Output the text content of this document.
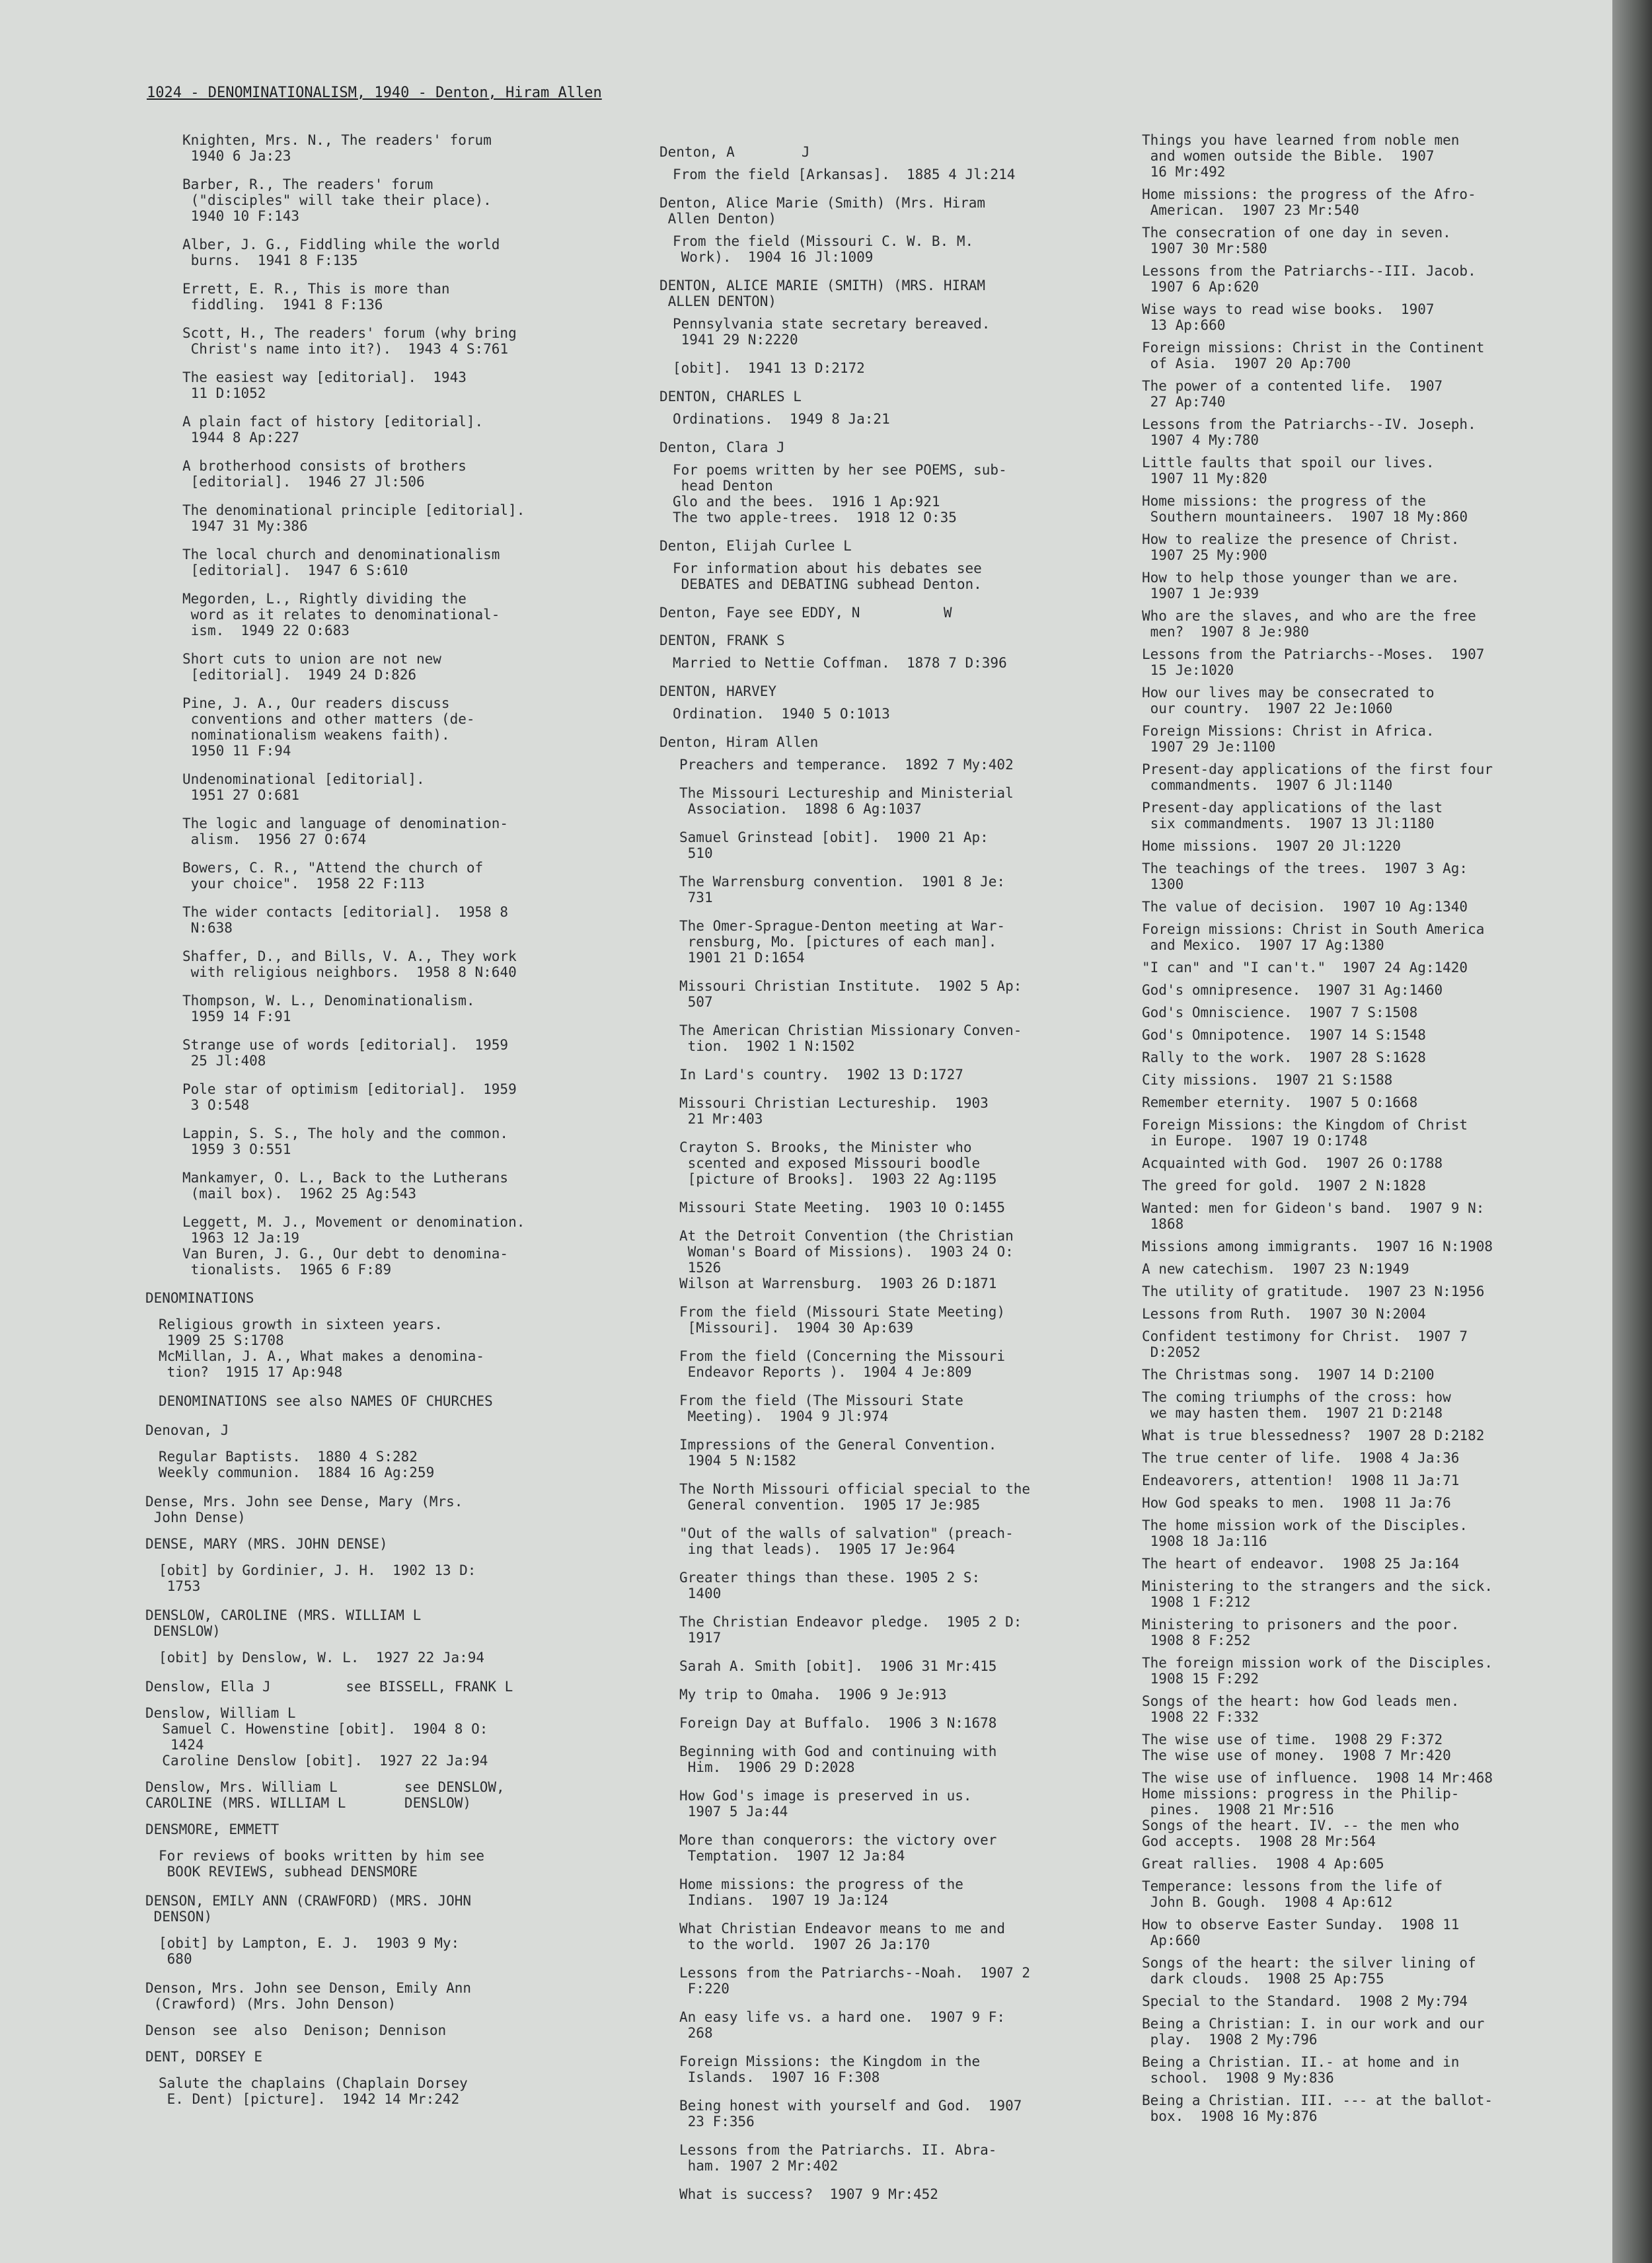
1024 - DENOMINATIONALISM, 1940 - Denton, Hiram Allen
Knighten, Mrs. N., The readers' forum
1940 6 Ja:23
Barber, R., The readers' forum
("disciples" will take their place).
1940 10 F:143
Alber, J. G., Fiddling while the world
burns.  1941 8 F:135
Errett, E. R., This is more than
fiddling.  1941 8 F:136
Scott, H., The readers' forum (why bring
Christ's name into it?).  1943 4 S:761
The easiest way [editorial].  1943
11 D:1052
A plain fact of history [editorial].
1944 8 Ap:227
A brotherhood consists of brothers
[editorial].  1946 27 Jl:506
The denominational principle [editorial].
1947 31 My:386
The local church and denominationalism
[editorial].  1947 6 S:610
Megorden, L., Rightly dividing the
word as it relates to denominational-
ism.  1949 22 O:683
Short cuts to union are not new
[editorial].  1949 24 D:826
Pine, J. A., Our readers discuss
conventions and other matters (de-
nominationalism weakens faith).
1950 11 F:94
Undenominational [editorial].
1951 27 O:681
The logic and language of denomination-
alism.  1956 27 O:674
Bowers, C. R., "Attend the church of
your choice".  1958 22 F:113
The wider contacts [editorial].  1958 8
N:638
Shaffer, D., and Bills, V. A., They work
with religious neighbors.  1958 8 N:640
Thompson, W. L., Denominationalism.
1959 14 F:91
Strange use of words [editorial].  1959
25 Jl:408
Pole star of optimism [editorial].  1959
3 O:548
Lappin, S. S., The holy and the common.
1959 3 O:551
Mankamyer, O. L., Back to the Lutherans
(mail box).  1962 25 Ag:543
Leggett, M. J., Movement or denomination.
1963 12 Ja:19
Van Buren, J. G., Our debt to denomina-
tionalists.  1965 6 F:89
DENOMINATIONS
Religious growth in sixteen years.
1909 25 S:1708
McMillan, J. A., What makes a denomina-
tion?  1915 17 Ap:948
DENOMINATIONS see also NAMES OF CHURCHES
Denovan, J
Regular Baptists.  1880 4 S:282
Weekly communion.  1884 16 Ag:259
Dense, Mrs. John see Dense, Mary (Mrs.
John Dense)
DENSE, MARY (MRS. JOHN DENSE)
[obit] by Gordinier, J. H.  1902 13 D:
1753
DENSLOW, CAROLINE (MRS. WILLIAM L
DENSLOW)
[obit] by Denslow, W. L.  1927 22 Ja:94
Denslow, Ella J         see BISSELL, FRANK L
Denslow, William L
Samuel C. Howenstine [obit].  1904 8 O:
1424
Caroline Denslow [obit].  1927 22 Ja:94
Denslow, Mrs. William L        see DENSLOW,
CAROLINE (MRS. WILLIAM L       DENSLOW)
DENSMORE, EMMETT
For reviews of books written by him see
BOOK REVIEWS, subhead DENSMORE
DENSON, EMILY ANN (CRAWFORD) (MRS. JOHN
DENSON)
[obit] by Lampton, E. J.  1903 9 My:
680
Denson, Mrs. John see Denson, Emily Ann
(Crawford) (Mrs. John Denson)
Denson  see  also  Denison; Dennison
DENT, DORSEY E
Salute the chaplains (Chaplain Dorsey
E. Dent) [picture].  1942 14 Mr:242
Denton, A        J
From the field [Arkansas].  1885 4 Jl:214
Denton, Alice Marie (Smith) (Mrs. Hiram
Allen Denton)
From the field (Missouri C. W. B. M.
Work).  1904 16 Jl:1009
DENTON, ALICE MARIE (SMITH) (MRS. HIRAM
ALLEN DENTON)
Pennsylvania state secretary bereaved.
1941 29 N:2220
[obit].  1941 13 D:2172
DENTON, CHARLES L
Ordinations.  1949 8 Ja:21
Denton, Clara J
For poems written by her see POEMS, sub-
head Denton
Glo and the bees.  1916 1 Ap:921
The two apple-trees.  1918 12 O:35
Denton, Elijah Curlee L
For information about his debates see
DEBATES and DEBATING subhead Denton.
Denton, Faye see EDDY, N          W
DENTON, FRANK S
Married to Nettie Coffman.  1878 7 D:396
DENTON, HARVEY
Ordination.  1940 5 O:1013
Denton, Hiram Allen
Preachers and temperance.  1892 7 My:402
The Missouri Lectureship and Ministerial
Association.  1898 6 Ag:1037
Samuel Grinstead [obit].  1900 21 Ap:
510
The Warrensburg convention.  1901 8 Je:
731
The Omer-Sprague-Denton meeting at War-
rensburg, Mo. [pictures of each man].
1901 21 D:1654
Missouri Christian Institute.  1902 5 Ap:
507
The American Christian Missionary Conven-
tion.  1902 1 N:1502
In Lard's country.  1902 13 D:1727
Missouri Christian Lectureship.  1903
21 Mr:403
Crayton S. Brooks, the Minister who
scented and exposed Missouri boodle
[picture of Brooks].  1903 22 Ag:1195
Missouri State Meeting.  1903 10 O:1455
At the Detroit Convention (the Christian
Woman's Board of Missions).  1903 24 O:
1526
Wilson at Warrensburg.  1903 26 D:1871
From the field (Missouri State Meeting)
[Missouri].  1904 30 Ap:639
From the field (Concerning the Missouri
Endeavor Reports ).  1904 4 Je:809
From the field (The Missouri State
Meeting).  1904 9 Jl:974
Impressions of the General Convention.
1904 5 N:1582
The North Missouri official special to the
General convention.  1905 17 Je:985
"Out of the walls of salvation" (preach-
ing that leads).  1905 17 Je:964
Greater things than these. 1905 2 S:
1400
The Christian Endeavor pledge.  1905 2 D:
1917
Sarah A. Smith [obit].  1906 31 Mr:415
My trip to Omaha.  1906 9 Je:913
Foreign Day at Buffalo.  1906 3 N:1678
Beginning with God and continuing with
Him.  1906 29 D:2028
How God's image is preserved in us.
1907 5 Ja:44
More than conquerors: the victory over
Temptation.  1907 12 Ja:84
Home missions: the progress of the
Indians.  1907 19 Ja:124
What Christian Endeavor means to me and
to the world.  1907 26 Ja:170
Lessons from the Patriarchs--Noah.  1907 2
F:220
An easy life vs. a hard one.  1907 9 F:
268
Foreign Missions: the Kingdom in the
Islands.  1907 16 F:308
Being honest with yourself and God.  1907
23 F:356
Lessons from the Patriarchs. II. Abra-
ham. 1907 2 Mr:402
What is success?  1907 9 Mr:452
Things you have learned from noble men
and women outside the Bible.  1907
16 Mr:492
Home missions: the progress of the Afro-
American.  1907 23 Mr:540
The consecration of one day in seven.
1907 30 Mr:580
Lessons from the Patriarchs--III. Jacob.
1907 6 Ap:620
Wise ways to read wise books.  1907
13 Ap:660
Foreign missions: Christ in the Continent
of Asia.  1907 20 Ap:700
The power of a contented life.  1907
27 Ap:740
Lessons from the Patriarchs--IV. Joseph.
1907 4 My:780
Little faults that spoil our lives.
1907 11 My:820
Home missions: the progress of the
Southern mountaineers.  1907 18 My:860
How to realize the presence of Christ.
1907 25 My:900
How to help those younger than we are.
1907 1 Je:939
Who are the slaves, and who are the free
men?  1907 8 Je:980
Lessons from the Patriarchs--Moses.  1907
15 Je:1020
How our lives may be consecrated to
our country.  1907 22 Je:1060
Foreign Missions: Christ in Africa.
1907 29 Je:1100
Present-day applications of the first four
commandments.  1907 6 Jl:1140
Present-day applications of the last
six commandments.  1907 13 Jl:1180
Home missions.  1907 20 Jl:1220
The teachings of the trees.  1907 3 Ag:
1300
The value of decision.  1907 10 Ag:1340
Foreign missions: Christ in South America
and Mexico.  1907 17 Ag:1380
"I can" and "I can't."  1907 24 Ag:1420
God's omnipresence.  1907 31 Ag:1460
God's Omniscience.  1907 7 S:1508
God's Omnipotence.  1907 14 S:1548
Rally to the work.  1907 28 S:1628
City missions.  1907 21 S:1588
Remember eternity.  1907 5 O:1668
Foreign Missions: the Kingdom of Christ
in Europe.  1907 19 O:1748
Acquainted with God.  1907 26 O:1788
The greed for gold.  1907 2 N:1828
Wanted: men for Gideon's band.  1907 9 N:
1868
Missions among immigrants.  1907 16 N:1908
A new catechism.  1907 23 N:1949
The utility of gratitude.  1907 23 N:1956
Lessons from Ruth.  1907 30 N:2004
Confident testimony for Christ.  1907 7
D:2052
The Christmas song.  1907 14 D:2100
The coming triumphs of the cross: how
we may hasten them.  1907 21 D:2148
What is true blessedness?  1907 28 D:2182
The true center of life.  1908 4 Ja:36
Endeavorers, attention!  1908 11 Ja:71
How God speaks to men.  1908 11 Ja:76
The home mission work of the Disciples.
1908 18 Ja:116
The heart of endeavor.  1908 25 Ja:164
Ministering to the strangers and the sick.
1908 1 F:212
Ministering to prisoners and the poor.
1908 8 F:252
The foreign mission work of the Disciples.
1908 15 F:292
Songs of the heart: how God leads men.
1908 22 F:332
The wise use of time.  1908 29 F:372
The wise use of money.  1908 7 Mr:420
The wise use of influence.  1908 14 Mr:468
Home missions: progress in the Philip-
pines.  1908 21 Mr:516
Songs of the heart. IV. -- the men who
God accepts.  1908 28 Mr:564
Great rallies.  1908 4 Ap:605
Temperance: lessons from the life of
John B. Gough.  1908 4 Ap:612
How to observe Easter Sunday.  1908 11
Ap:660
Songs of the heart: the silver lining of
dark clouds.  1908 25 Ap:755
Special to the Standard.  1908 2 My:794
Being a Christian: I. in our work and our
play.  1908 2 My:796
Being a Christian. II.- at home and in
school.  1908 9 My:836
Being a Christian. III. --- at the ballot-
box.  1908 16 My:876
